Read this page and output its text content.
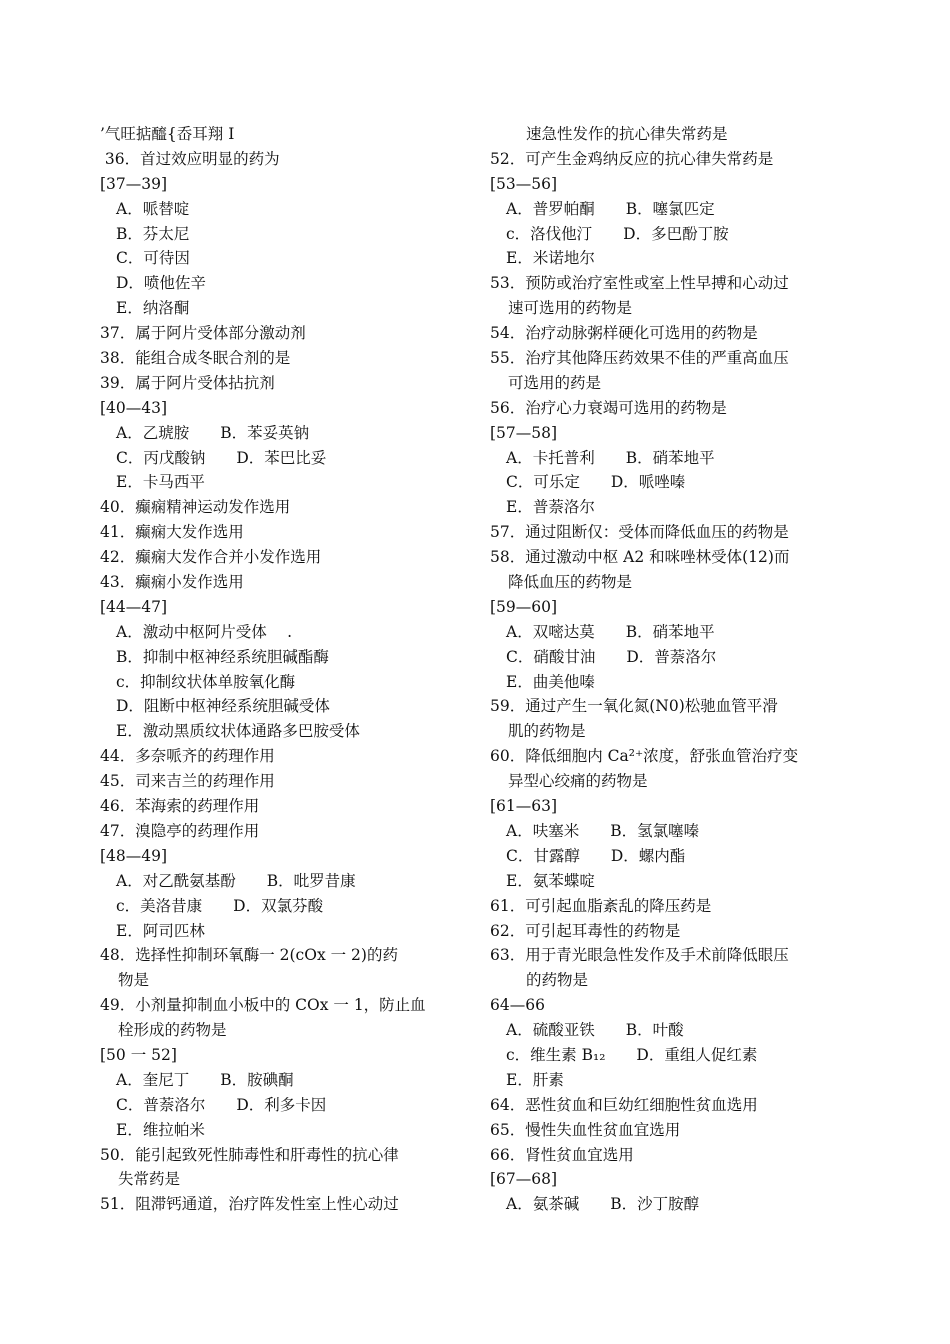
’气旺掂醯{岙耳翔 I
36．首过效应明显的药为
[37—39]
A．哌替啶
B．芬太尼
C．可待因
D．喷他佐辛
E．纳洛酮
37．属于阿片受体部分激动剂
38．能组合成冬眠合剂的是
39．属于阿片受体拈抗剂
[40—43]
A．乙琥胺　　B．苯妥英钠
C．丙戊酸钠　　D．苯巴比妥
E．卡马西平
40．癫痫精神运动发作选用
41．癫痫大发作选用
42．癫痫大发作合并小发作选用
43．癫痫小发作选用
[44—47]
A．激动中枢阿片受体　 .
B．抑制中枢神经系统胆碱酯酶
c．抑制纹状体单胺氧化酶
D．阻断中枢神经系统胆碱受体
E．激动黑质纹状体通路多巴胺受体
44．多奈哌齐的药理作用
45．司来吉兰的药理作用
46．苯海索的药理作用
47．溴隐亭的药理作用
[48—49]
A．对乙酰氨基酚　　B．吡罗昔康
c．美洛昔康　　D．双氯芬酸
E．阿司匹林
48．选择性抑制环氧酶一 2(cOx 一 2)的药
物是
49．小剂量抑制血小板中的 COx 一 1，防止血
栓形成的药物是
[50 一 52]
A．奎尼丁　　B．胺碘酮
C．普萘洛尔　　D．利多卡因
E．维拉帕米
50．能引起致死性肺毒性和肝毒性的抗心律
失常药是
51．阻滞钙通道，治疗阵发性室上性心动过
速急性发作的抗心律失常药是
52．可产生金鸡纳反应的抗心律失常药是
[53—56]
A．普罗帕酮　　B．噻氯匹定
c．洛伐他汀　　D．多巴酚丁胺
E．米诺地尔
53．预防或治疗室性或室上性早搏和心动过
速可选用的药物是
54．治疗动脉粥样硬化可选用的药物是
55．治疗其他降压药效果不佳的严重高血压
可选用的药是
56．治疗心力衰竭可选用的药物是
[57—58]
A．卡托普利　　B．硝苯地平
C．可乐定　　D．哌唑嗪
E．普萘洛尔
57．通过阻断仅：受体而降低血压的药物是
58．通过激动中枢 A2 和咪唑林受体(12)而
降低血压的药物是
[59—60]
A．双嘧达莫　　B．硝苯地平
C．硝酸甘油　　D．普萘洛尔
E．曲美他嗪
59．通过产生一氧化氮(N0)松驰血管平滑
肌的药物是
60．降低细胞内 Ca²⁺浓度，舒张血管治疗变
异型心绞痛的药物是
[61—63]
A．呋塞米　　B．氢氯噻嗪
C．甘露醇　　D．螺内酯
E．氨苯蝶啶
61．可引起血脂紊乱的降压药是
62．可引起耳毒性的药物是
63．用于青光眼急性发作及手术前降低眼压
的药物是
64—66
A．硫酸亚铁　　B．叶酸
c．维生素 B₁₂　　D．重组人促红素
E．肝素
64．恶性贫血和巨幼红细胞性贫血选用
65．慢性失血性贫血宜选用
66．肾性贫血宜选用
[67—68]
A．氨茶碱　　B．沙丁胺醇
